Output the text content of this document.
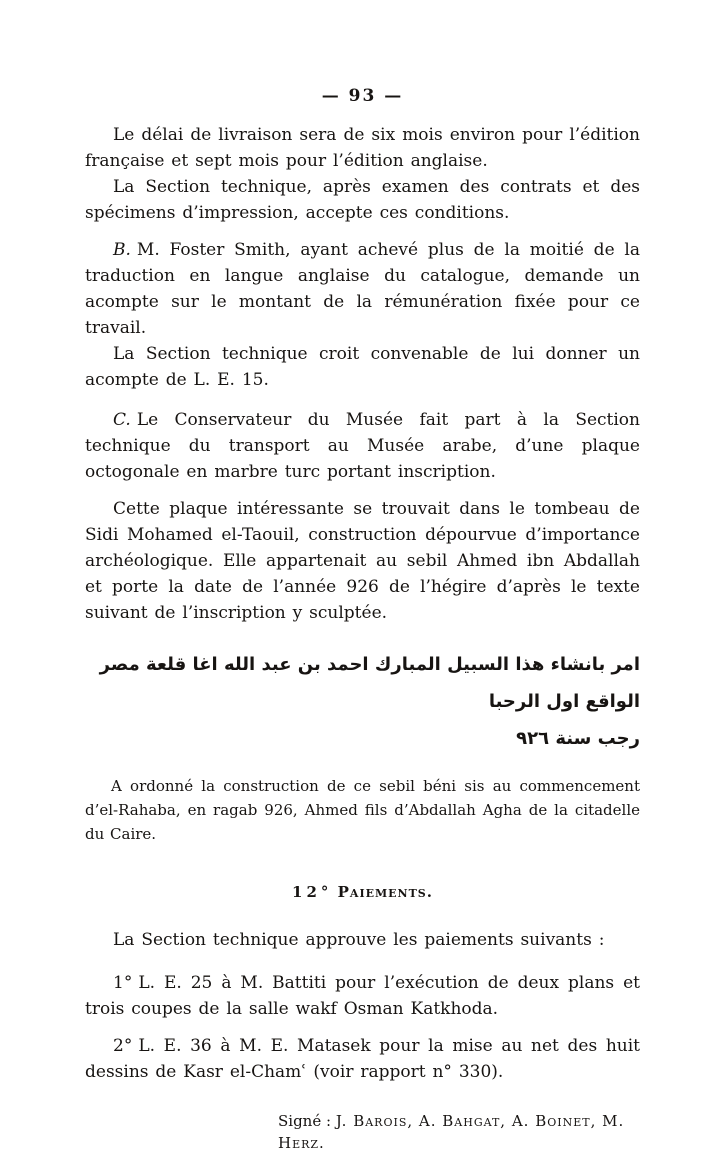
— 93 —

Le délai de livraison sera de six mois environ pour l’édition française et sept mois pour l’édition anglaise.

La Section technique, après examen des contrats et des spécimens d’impression, accepte ces conditions.

B. M. Foster Smith, ayant achevé plus de la moitié de la traduction en langue anglaise du catalogue, demande un acompte sur le montant de la rémunération fixée pour ce travail.

La Section technique croit convenable de lui donner un acompte de L. E. 15.

C. Le Conservateur du Musée fait part à la Section technique du transport au Musée arabe, d’une plaque octogonale en marbre turc portant inscription.

Cette plaque intéressante se trouvait dans le tombeau de Sidi Mohamed el-Taouil, construction dépourvue d’importance archéologique. Elle appartenait au sebil Ahmed ibn Abdallah et porte la date de l’année 926 de l’hégire d’après le texte suivant de l’inscription y sculptée.

امر بانشاء هذا السبيل المبارك احمد بن عبد الله اغا قلعة مصر الواقع اول الرحبا
رجب سنة ٩٢٦

A ordonné la construction de ce sebil béni sis au commencement d’el-Rahaba, en ragab 926, Ahmed fils d’Abdallah Agha de la citadelle du Caire.

12° Paiements.

La Section technique approuve les paiements suivants :

1° L. E. 25 à M. Battiti pour l’exécution de deux plans et trois coupes de la salle wakf Osman Katkhoda.

2° L. E. 36 à M. E. Matasek pour la mise au net des huit dessins de Kasr el-Chamʿ (voir rapport n° 330).

Signé : J. Barois, A. Bahgat, A. Boinet, M. Herz.
